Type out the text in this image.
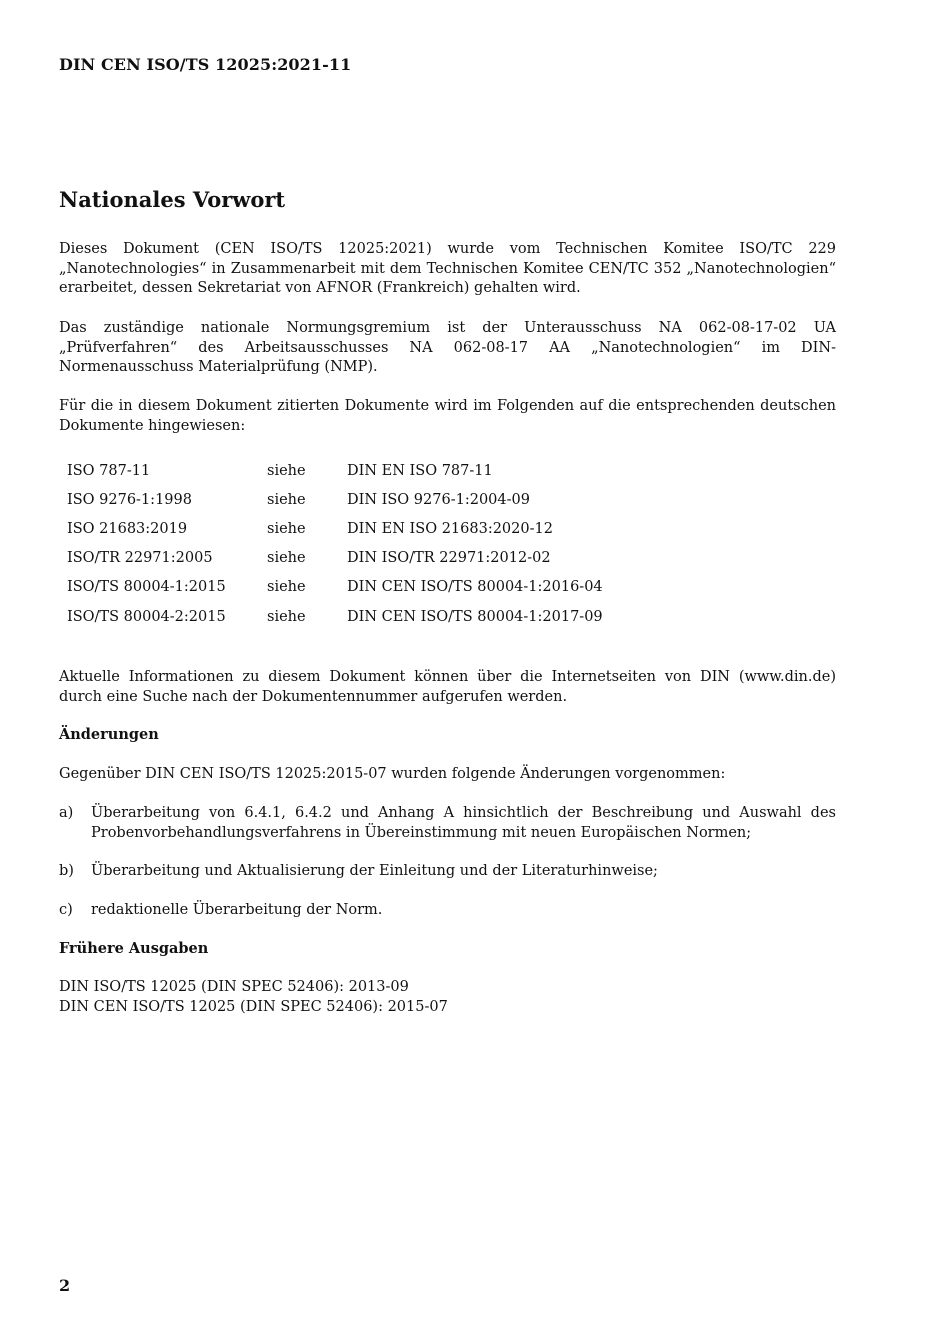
DIN CEN ISO/TS 12025:2021-11
Nationales Vorwort

Dieses Dokument (CEN ISO/TS 12025:2021) wurde vom Technischen Komitee ISO/TC 229 „Nanotechnologies“ in Zusammenarbeit mit dem Technischen Komitee CEN/TC 352 „Nanotechnologien“ erarbeitet, dessen Sekretariat von AFNOR (Frankreich) gehalten wird.

Das zuständige nationale Normungsgremium ist der Unterausschuss NA 062-08-17-02 UA „Prüfverfahren“ des Arbeitsausschusses NA 062-08-17 AA „Nanotechnologien“ im DIN-Normenausschuss Materialprüfung (NMP).

Für die in diesem Dokument zitierten Dokumente wird im Folgenden auf die entsprechenden deutschen Dokumente hingewiesen:

ISO 787-11	siehe	DIN EN ISO 787-11
ISO 9276-1:1998	siehe	DIN ISO 9276-1:2004-09
ISO 21683:2019	siehe	DIN EN ISO 21683:2020-12
ISO/TR 22971:2005	siehe	DIN ISO/TR 22971:2012-02
ISO/TS 80004-1:2015	siehe	DIN CEN ISO/TS 80004-1:2016-04
ISO/TS 80004-2:2015	siehe	DIN CEN ISO/TS 80004-1:2017-09

Aktuelle Informationen zu diesem Dokument können über die Internetseiten von DIN (www.din.de) durch eine Suche nach der Dokumentennummer aufgerufen werden.

Änderungen

Gegenüber DIN CEN ISO/TS 12025:2015-07 wurden folgende Änderungen vorgenommen:

a) Überarbeitung von 6.4.1, 6.4.2 und Anhang A hinsichtlich der Beschreibung und Auswahl des Probenvorbehandlungsverfahrens in Übereinstimmung mit neuen Europäischen Normen;
b) Überarbeitung und Aktualisierung der Einleitung und der Literaturhinweise;
c) redaktionelle Überarbeitung der Norm.
Frühere Ausgaben
DIN ISO/TS 12025 (DIN SPEC 52406): 2013-09
DIN CEN ISO/TS 12025 (DIN SPEC 52406): 2015-07
2
